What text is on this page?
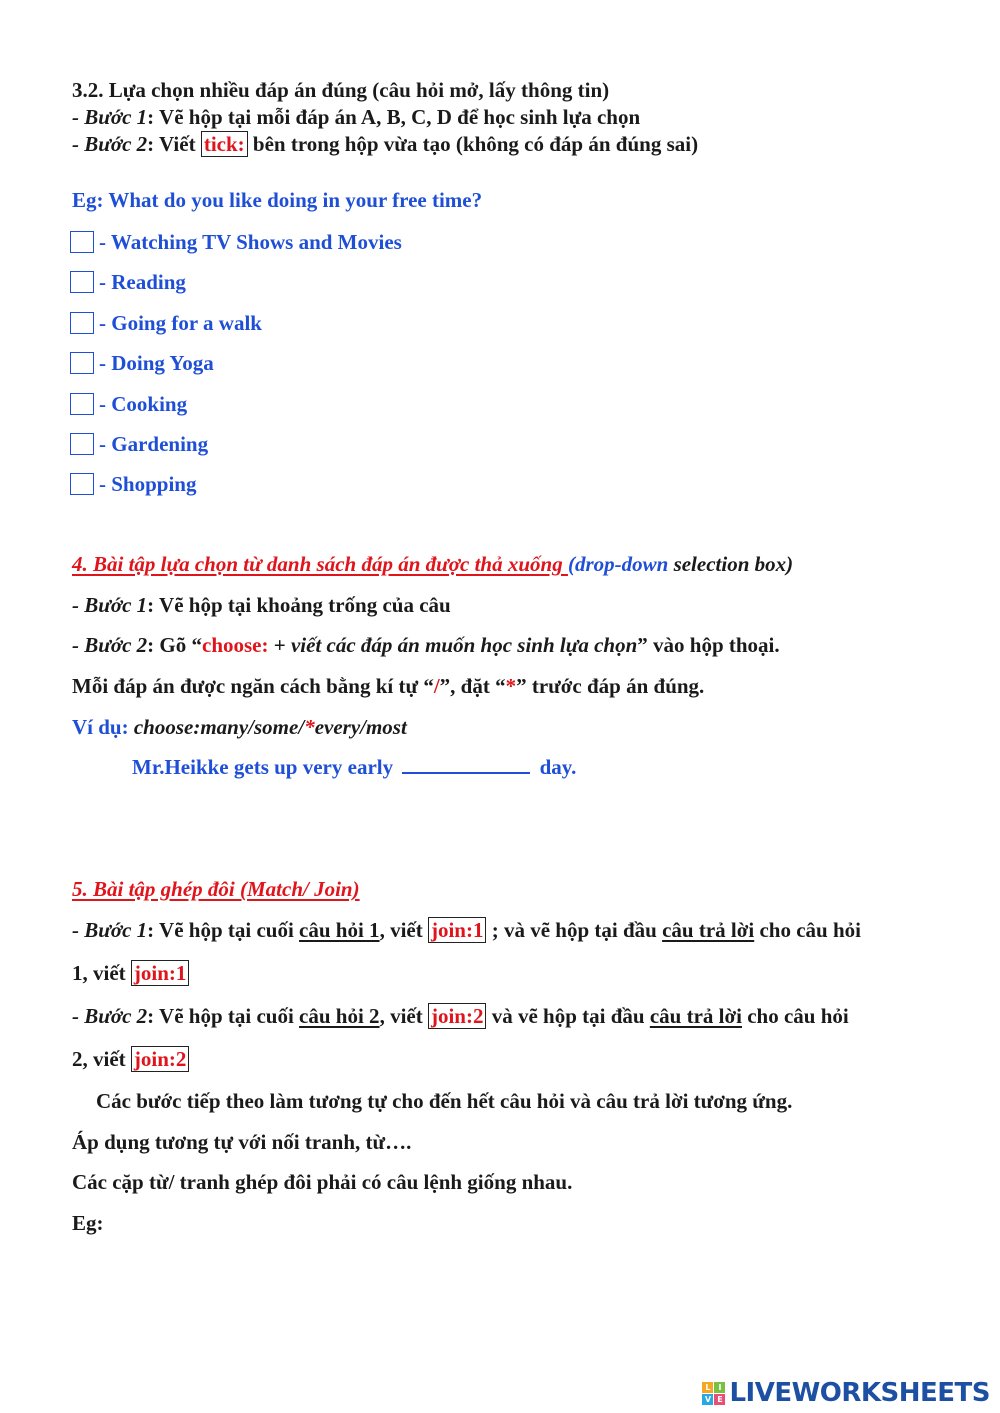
3.2. Lựa chọn nhiều đáp án đúng (câu hỏi mở, lấy thông tin)
- Bước 1: Vẽ hộp tại mỗi đáp án A, B, C, D để học sinh lựa chọn
- Bước 2: Viết tick: bên trong hộp vừa tạo (không có đáp án đúng sai)
Eg: What do you like doing in your free time?
- Watching TV Shows and Movies
- Reading
- Going for a walk
- Doing Yoga
- Cooking
- Gardening
- Shopping
4. Bài tập lựa chọn từ danh sách đáp án được thả xuống (drop-down selection box)
- Bước 1: Vẽ hộp tại khoảng trống của câu
- Bước 2: Gõ “choose: + viết các đáp án muốn học sinh lựa chọn” vào hộp thoại.
Mỗi đáp án được ngăn cách bằng kí tự “/”, đặt “*” trước đáp án đúng.
Ví dụ: choose:many/some/*every/most
Mr.Heikke gets up very early	day.
5. Bài tập ghép đôi (Match/ Join)
- Bước 1: Vẽ hộp tại cuối câu hỏi 1, viết join:1 ; và vẽ hộp tại đầu câu trả lời cho câu hỏi
1, viết join:1
- Bước 2: Vẽ hộp tại cuối câu hỏi 2, viết join:2 và vẽ hộp tại đầu câu trả lời cho câu hỏi
2, viết join:2
Các bước tiếp theo làm tương tự cho đến hết câu hỏi và câu trả lời tương ứng.
Áp dụng tương tự với nối tranh, từ….
Các cặp từ/ tranh ghép đôi phải có câu lệnh giống nhau.
Eg:
L I
V E LIVEWORKSHEETS
